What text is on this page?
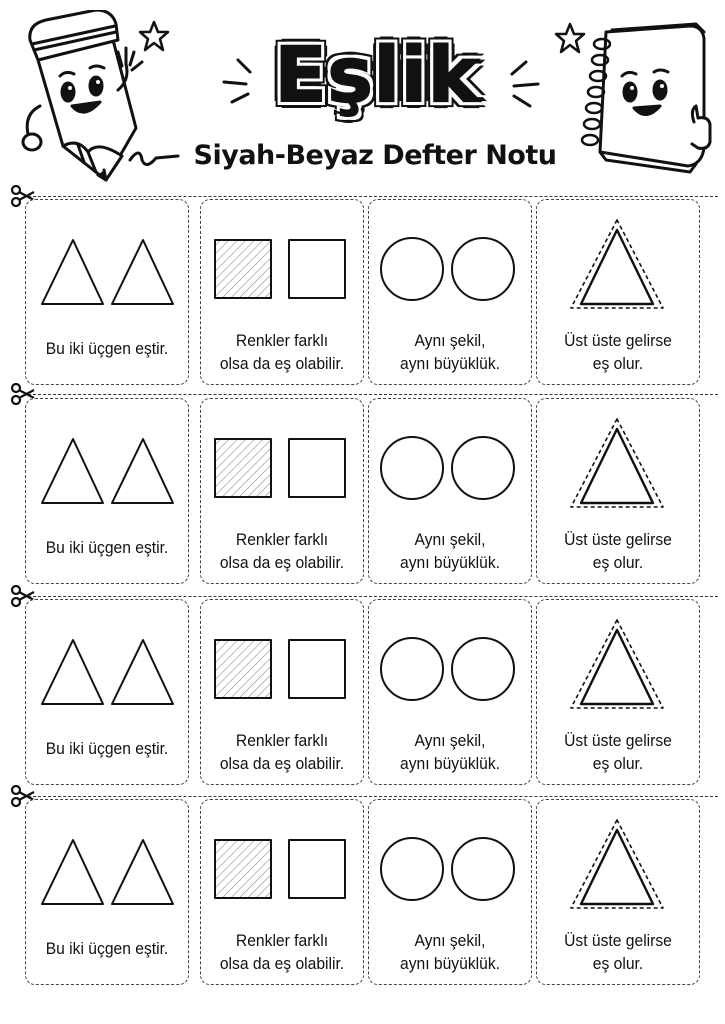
Eşlik
Siyah-Beyaz Defter Notu
Bu iki üçgen eştir.	Renkler farklı
olsa da eş olabilir.
Aynı şekil,
aynı büyüklük.
Üst üste gelirse
eş olur.
Bu iki üçgen eştir.	Renkler farklı
olsa da eş olabilir.
Aynı şekil,
aynı büyüklük.
Üst üste gelirse
eş olur.
Bu iki üçgen eştir.	Renkler farklı
olsa da eş olabilir.
Aynı şekil,
aynı büyüklük.
Üst üste gelirse
eş olur.
Bu iki üçgen eştir.	Renkler farklı
olsa da eş olabilir.
Aynı şekil,
aynı büyüklük.
Üst üste gelirse
eş olur.
